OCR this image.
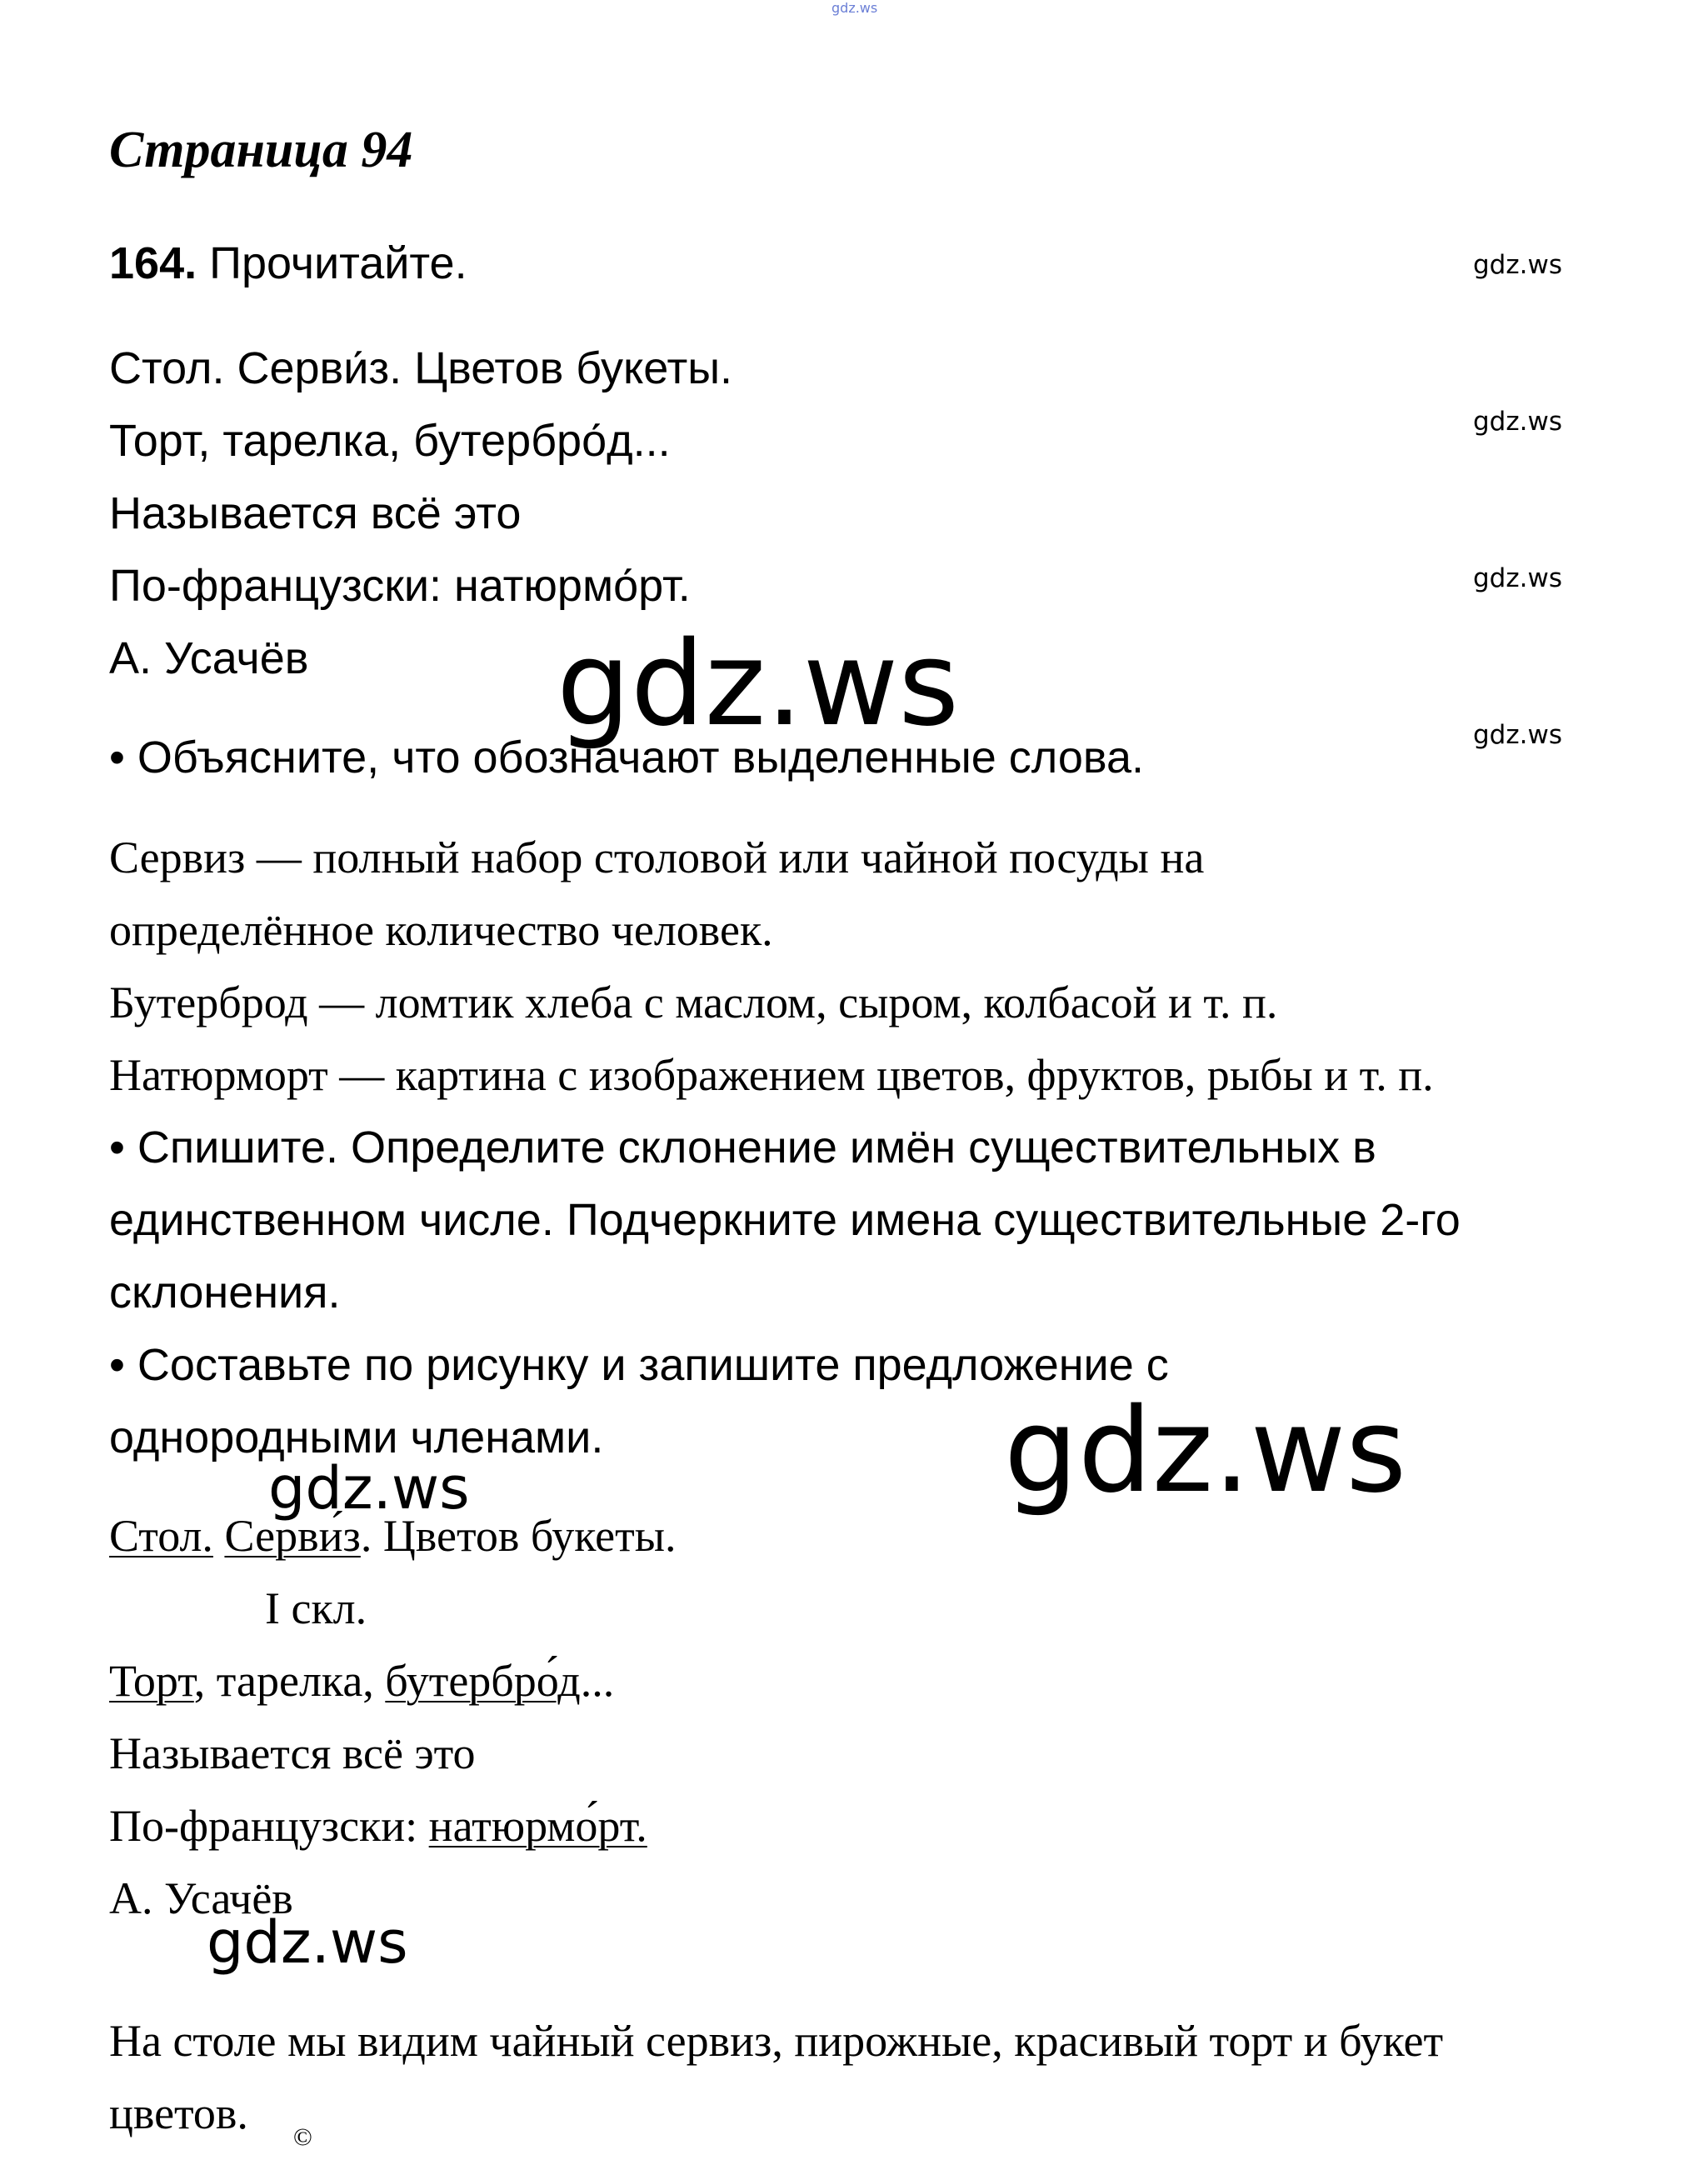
gdz.ws
Страница 94
164. Прочитайте.	gdz.ws
gdz.ws
gdz.ws
gdz.ws
Стол. Серви́з. Цветов букеты.
Торт, тарелка, бутербро́д...
Называется всё это
По-французски: натюрмо́рт.
А. Усачёв gdz.ws
• Объясните, что обозначают выделенные слова.
Сервиз — полный набор столовой или чайной посуды на
определённое количество человек.
Бутерброд — ломтик хлеба с маслом, сыром, колбасой и т. п.
Натюрморт — картина с изображением цветов, фруктов, рыбы и т. п.
• Спишите. Определите склонение имён существительных в
единственном числе. Подчеркните имена существительные 2-го
склонения.
• Составьте по рисунку и запишите предложение с
однородными членами.	gdz.ws
gdz.ws
Стол. Серви́з. Цветов букеты.
I скл.
Торт, тарелка, бутербро́д...
Называется всё это
По-французски: натюрмо́рт.
А. Усачёв
gdz.ws
На столе мы видим чайный сервиз, пирожные, красивый торт и букет
цветов. ©
